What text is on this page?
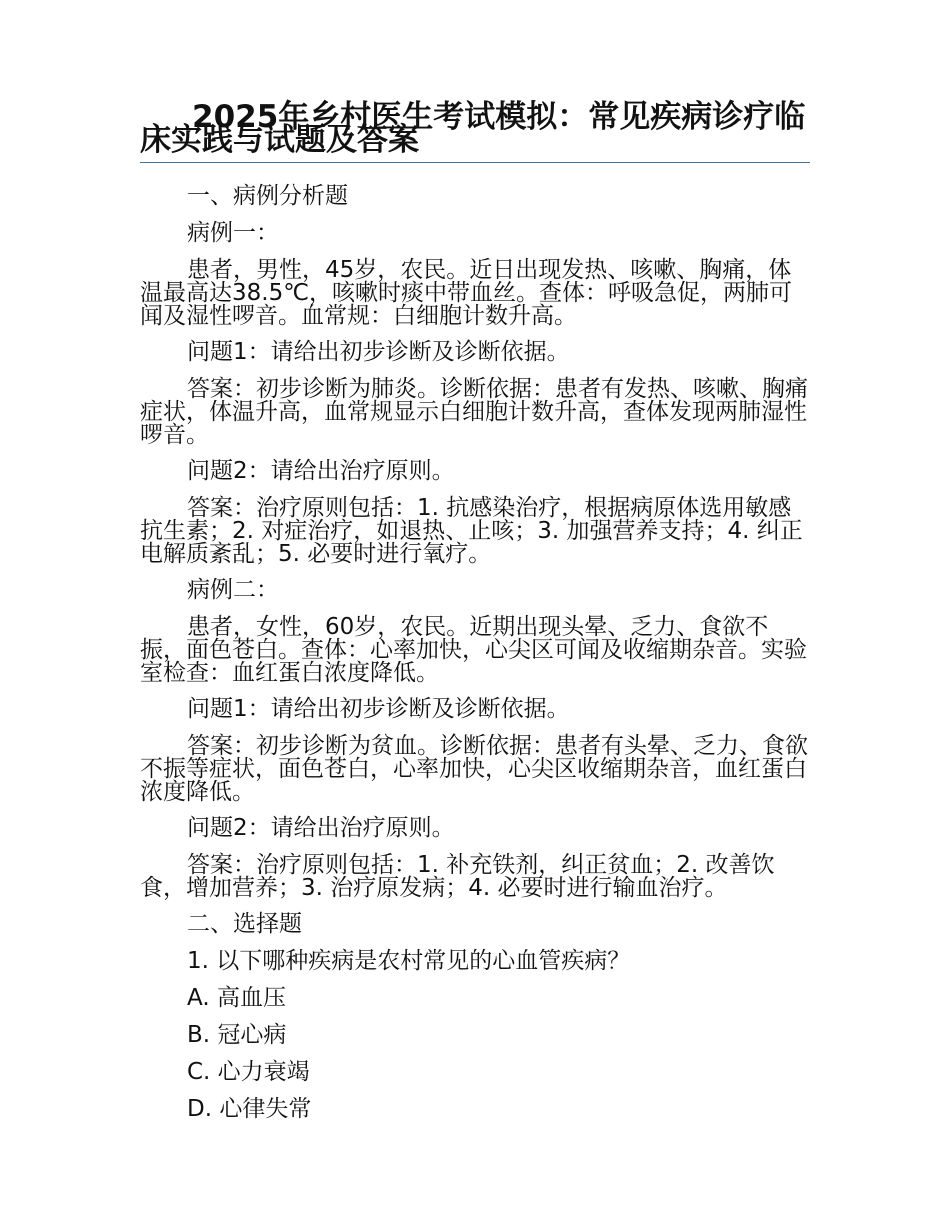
2025年乡村医生考试模拟：常见疾病诊疗临床实践与试题及答案

一、病例分析题

病例一：

患者，男性，45岁，农民。近日出现发热、咳嗽、胸痛，体温最高达38.5℃，咳嗽时痰中带血丝。查体：呼吸急促，两肺可闻及湿性啰音。血常规：白细胞计数升高。

问题1：请给出初步诊断及诊断依据。

答案：初步诊断为肺炎。诊断依据：患者有发热、咳嗽、胸痛症状，体温升高，血常规显示白细胞计数升高，查体发现两肺湿性啰音。

问题2：请给出治疗原则。

答案：治疗原则包括：1. 抗感染治疗，根据病原体选用敏感抗生素；2. 对症治疗，如退热、止咳；3. 加强营养支持；4. 纠正电解质紊乱；5. 必要时进行氧疗。

病例二：

患者，女性，60岁，农民。近期出现头晕、乏力、食欲不振，面色苍白。查体：心率加快，心尖区可闻及收缩期杂音。实验室检查：血红蛋白浓度降低。

问题1：请给出初步诊断及诊断依据。

答案：初步诊断为贫血。诊断依据：患者有头晕、乏力、食欲不振等症状，面色苍白，心率加快，心尖区收缩期杂音，血红蛋白浓度降低。

问题2：请给出治疗原则。

答案：治疗原则包括：1. 补充铁剂，纠正贫血；2. 改善饮食，增加营养；3. 治疗原发病；4. 必要时进行输血治疗。

二、选择题

1. 以下哪种疾病是农村常见的心血管疾病？

A. 高血压

B. 冠心病

C. 心力衰竭

D. 心律失常
